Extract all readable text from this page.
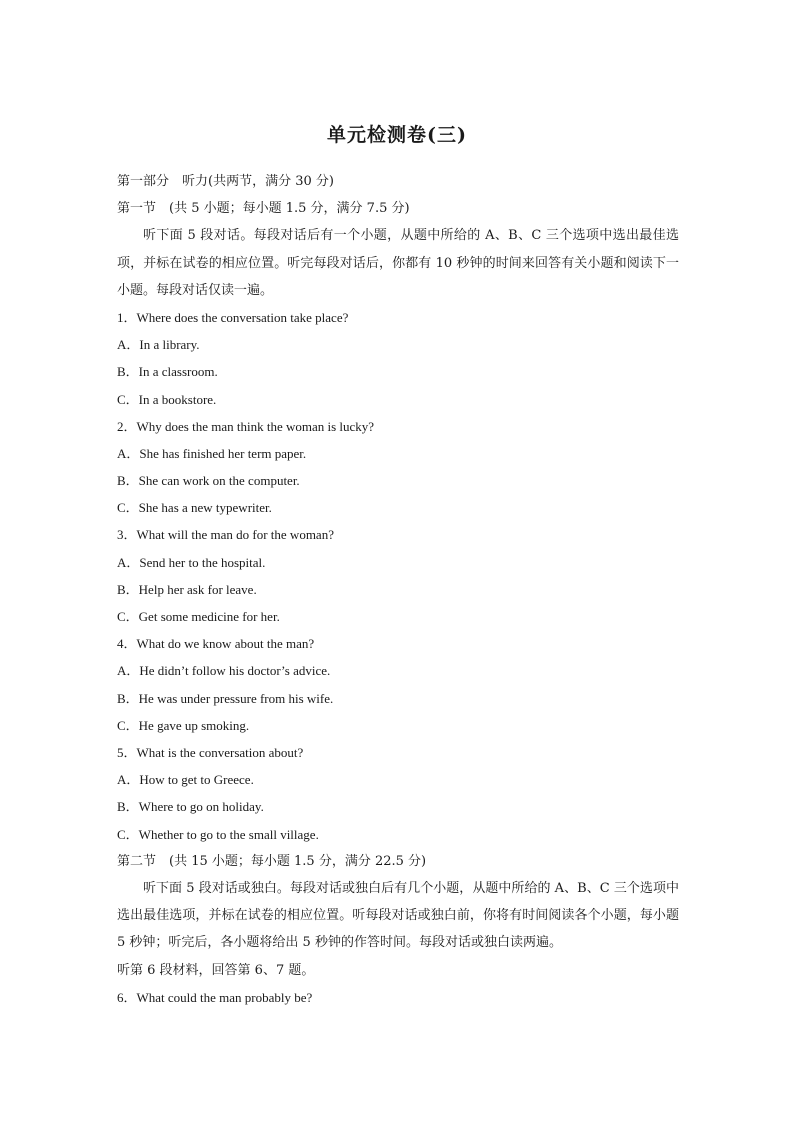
单元检测卷(三)
第一部分　听力(共两节，满分 30 分)
第一节　(共 5 小题；每小题 1.5 分，满分 7.5 分)
听下面 5 段对话。每段对话后有一个小题，从题中所给的 A、B、C 三个选项中选出最佳选项，并标在试卷的相应位置。听完每段对话后，你都有 10 秒钟的时间来回答有关小题和阅读下一小题。每段对话仅读一遍。
1．Where does the conversation take place?
A．In a library.
B．In a classroom.
C．In a bookstore.
2．Why does the man think the woman is lucky?
A．She has finished her term paper.
B．She can work on the computer.
C．She has a new typewriter.
3．What will the man do for the woman?
A．Send her to the hospital.
B．Help her ask for leave.
C．Get some medicine for her.
4．What do we know about the man?
A．He didn’t follow his doctor’s advice.
B．He was under pressure from his wife.
C．He gave up smoking.
5．What is the conversation about?
A．How to get to Greece.
B．Where to go on holiday.
C．Whether to go to the small village.
第二节　(共 15 小题；每小题 1.5 分，满分 22.5 分)
听下面 5 段对话或独白。每段对话或独白后有几个小题，从题中所给的 A、B、C 三个选项中选出最佳选项，并标在试卷的相应位置。听每段对话或独白前，你将有时间阅读各个小题，每小题 5 秒钟；听完后，各小题将给出 5 秒钟的作答时间。每段对话或独白读两遍。
听第 6 段材料，回答第 6、7 题。
6．What could the man probably be?
